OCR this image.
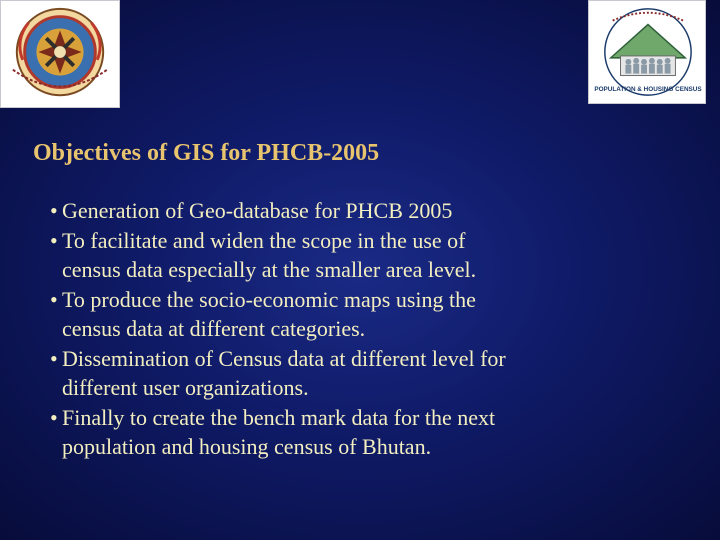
POPULATION & HOUSING CENSUS
Objectives of GIS for PHCB-2005
• Generation of Geo-database for PHCB 2005
• To facilitate and widen the scope in the use of
census data especially at the smaller area level.
• To produce the socio-economic maps using the
census data at different categories.
• Dissemination of Census data at different level for
different user organizations.
• Finally to create the bench mark data for the next
population and housing census of Bhutan.
